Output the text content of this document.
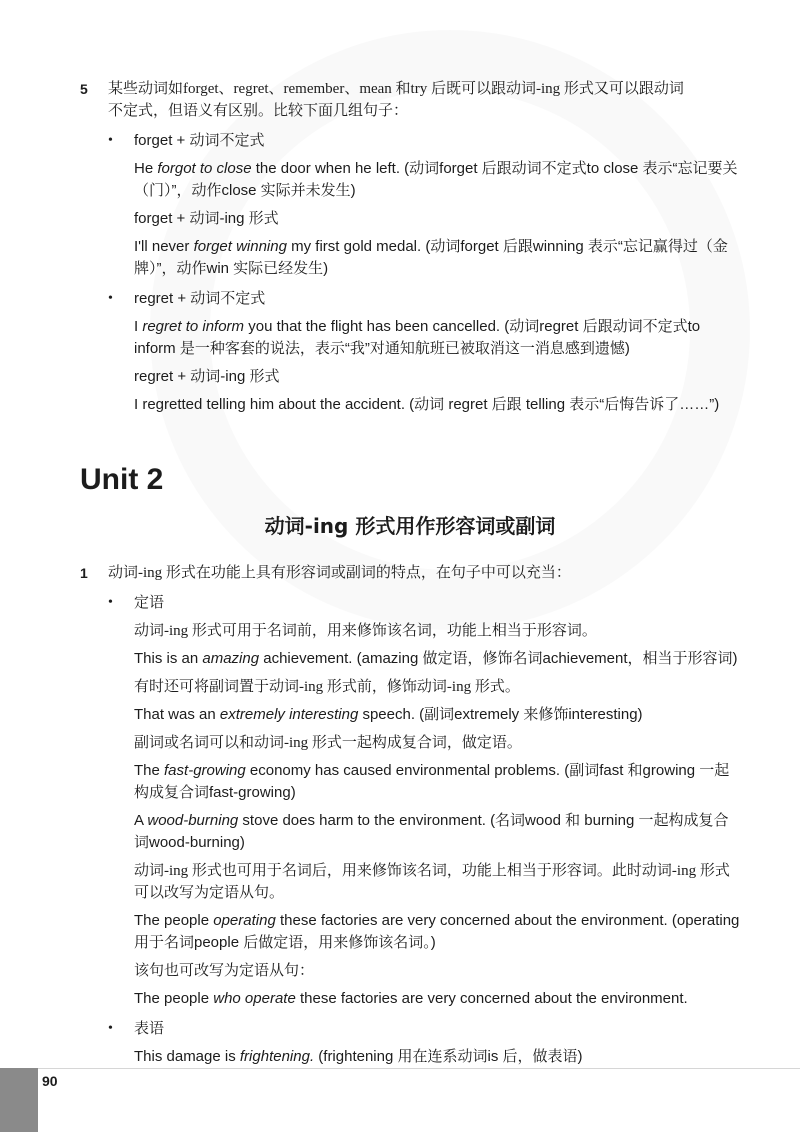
5	某些动词如forget、regret、remember、mean 和try 后既可以跟动词-ing 形式又可以跟动词
不定式，但语义有区别。比较下面几组句子：
•	forget + 动词不定式

He forgot to close the door when he left. (动词forget 后跟动词不定式to close 表示“忘记要关（门）”，动作close 实际并未发生)

forget + 动词-ing 形式

I'll never forget winning my first gold medal. (动词forget 后跟winning 表示“忘记赢得过（金牌）”，动作win 实际已经发生)

•	regret + 动词不定式

I regret to inform you that the flight has been cancelled. (动词regret 后跟动词不定式to inform 是一种客套的说法，表示“我”对通知航班已被取消这一消息感到遗憾)

regret + 动词-ing 形式

I regretted telling him about the accident. (动词 regret 后跟 telling 表示“后悔告诉了……”)

Unit 2
动词-ing 形式用作形容词或副词
1	动词-ing 形式在功能上具有形容词或副词的特点，在句子中可以充当：
•	定语

动词-ing 形式可用于名词前，用来修饰该名词，功能上相当于形容词。

This is an amazing achievement. (amazing 做定语，修饰名词achievement，相当于形容词)

有时还可将副词置于动词-ing 形式前，修饰动词-ing 形式。

That was an extremely interesting speech. (副词extremely 来修饰interesting)

副词或名词可以和动词-ing 形式一起构成复合词，做定语。

The fast-growing economy has caused environmental problems. (副词fast 和growing 一起构成复合词fast-growing)

A wood-burning stove does harm to the environment. (名词wood 和 burning 一起构成复合词wood-burning)

动词-ing 形式也可用于名词后，用来修饰该名词，功能上相当于形容词。此时动词-ing 形式可以改写为定语从句。

The people operating these factories are very concerned about the environment. (operating 用于名词people 后做定语，用来修饰该名词。)

该句也可改写为定语从句：

The people who operate these factories are very concerned about the environment.

•	表语

This damage is frightening. (frightening 用在连系动词is 后，做表语)

90
